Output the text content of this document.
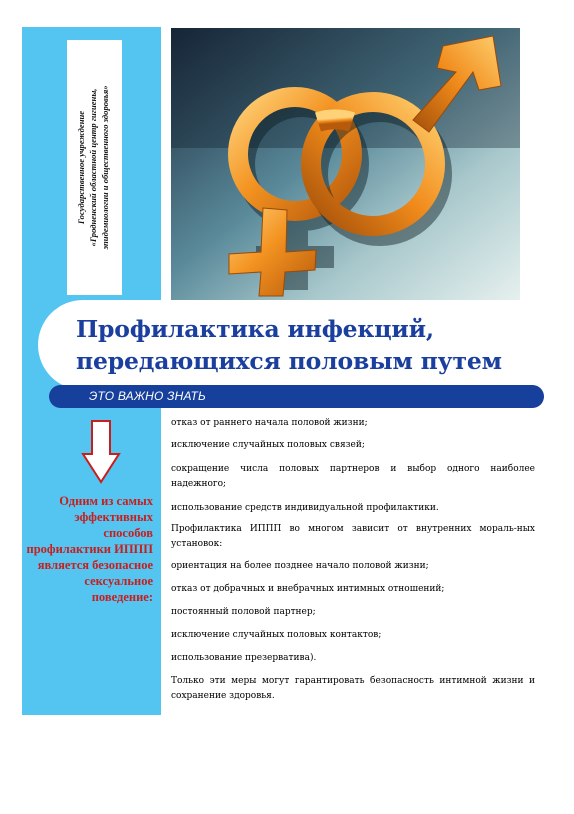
Государственное учреждение «Гродненский областной центр гигиены, эпидемиологии и общественного здоровья»
Профилактика инфекций,
передающихся половым путем
ЭТО ВАЖНО ЗНАТЬ

Одним из самых эффективных способов профилактики ИППП является безопасное сексуальное поведение:

отказ от раннего начала половой жизни;
исключение случайных половых связей;
сокращение числа половых партнеров и выбор одного наиболее надежного;
использование средств индивидуальной профилактики.
Профилактика ИППП во многом зависит от внутренних мораль-ных установок:
ориентация на более позднее начало половой жизни;
отказ от добрачных и внебрачных интимных отношений;
постоянный половой партнер;
исключение случайных половых контактов;
использование презерватива).
Только эти меры могут гарантировать безопасность интимной жизни и сохранение здоровья.
